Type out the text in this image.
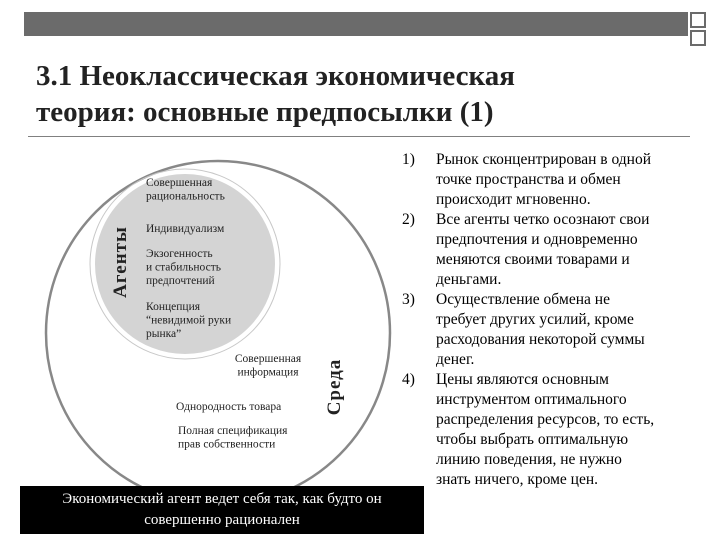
3.1 Неоклассическая экономическая
теория: основные предпосылки (1)
Агенты
Среда
Совершенная
рациональность
Индивидуализм
Экзогенность
и стабильность
предпочтений
Концепция
“невидимой руки
рынка”
Совершенная
информация
Однородность товара
Полная спецификация
прав собственности
Экономический агент ведет себя так, как будто он
совершенно рационален
1) Рынок сконцентрирован в одной
точке пространства и обмен
происходит мгновенно.
2) Все агенты четко осознают свои
предпочтения и одновременно
меняются своими товарами и
деньгами.
3) Осуществление обмена не
требует других усилий, кроме
расходования некоторой суммы
денег.
4) Цены являются основным
инструментом оптимального
распределения ресурсов, то есть,
чтобы выбрать оптимальную
линию поведения, не нужно
знать ничего, кроме цен.
